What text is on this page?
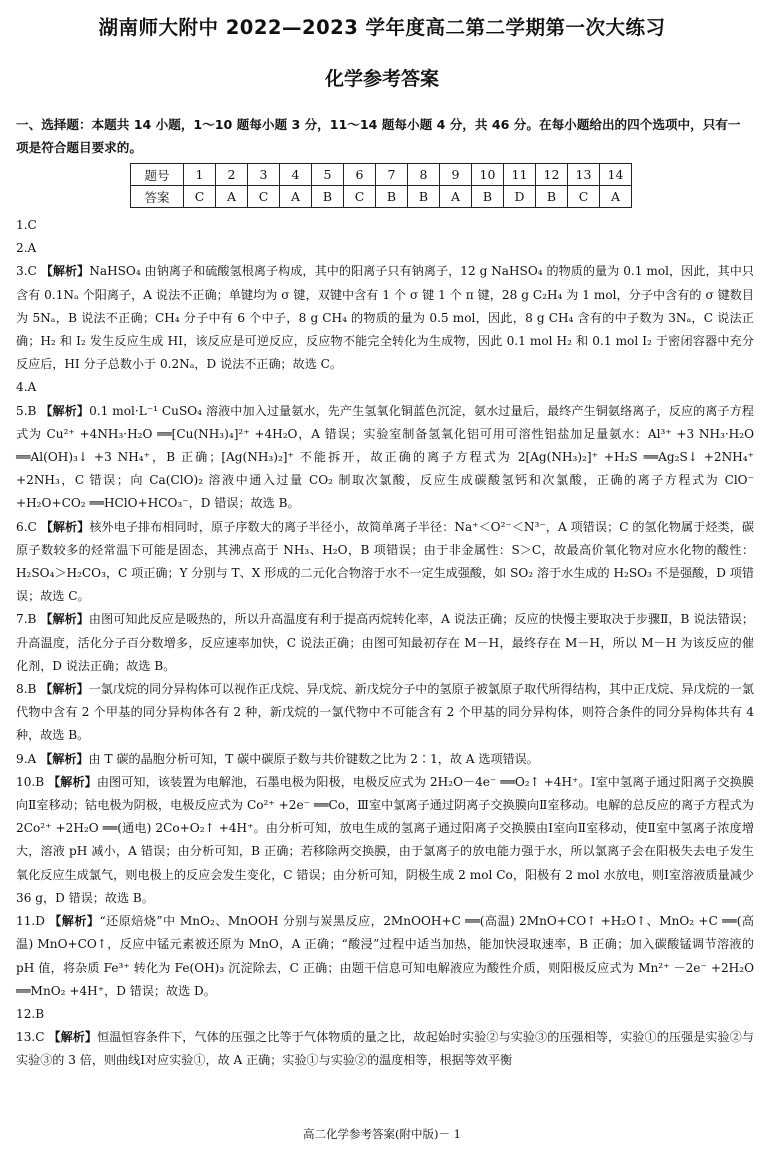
湖南师大附中 2022—2023 学年度高二第二学期第一次大练习
化学参考答案
一、选择题：本题共 14 小题，1～10 题每小题 3 分，11～14 题每小题 4 分，共 46 分。在每小题给出的四个选项中，只有一项是符合题目要求的。
题号	1	2	3	4	5	6	7	8	9	10	11	12	13	14
答案	C	A	C	A	B	C	B	B	A	B	D	B	C	A

1.C

2.A

3.C 【解析】NaHSO₄ 由钠离子和硫酸氢根离子构成，其中的阳离子只有钠离子，12 g NaHSO₄ 的物质的量为 0.1 mol，因此，其中只含有 0.1Nₐ 个阳离子，A 说法不正确；单键均为 σ 键，双键中含有 1 个 σ 键 1 个 π 键，28 g C₂H₄ 为 1 mol，分子中含有的 σ 键数目为 5Nₐ，B 说法不正确；CH₄ 分子中有 6 个中子，8 g CH₄ 的物质的量为 0.5 mol，因此，8 g CH₄ 含有的中子数为 3Nₐ，C 说法正确；H₂ 和 I₂ 发生反应生成 HI，该反应是可逆反应，反应物不能完全转化为生成物，因此 0.1 mol H₂ 和 0.1 mol I₂ 于密闭容器中充分反应后，HI 分子总数小于 0.2Nₐ，D 说法不正确；故选 C。

4.A

5.B 【解析】0.1 mol·L⁻¹ CuSO₄ 溶液中加入过量氨水，先产生氢氧化铜蓝色沉淀，氨水过量后，最终产生铜氨络离子，反应的离子方程式为 Cu²⁺ +4NH₃·H₂O ══[Cu(NH₃)₄]²⁺ +4H₂O，A 错误；实验室制备氢氧化铝可用可溶性铝盐加足量氨水：Al³⁺ +3 NH₃·H₂O ══Al(OH)₃↓ +3 NH₄⁺，B 正确；[Ag(NH₃)₂]⁺ 不能拆开，故正确的离子方程式为 2[Ag(NH₃)₂]⁺ +H₂S ══Ag₂S↓ +2NH₄⁺ +2NH₃，C 错误；向 Ca(ClO)₂ 溶液中通入过量 CO₂ 制取次氯酸，反应生成碳酸氢钙和次氯酸，正确的离子方程式为 ClO⁻ +H₂O+CO₂ ══HClO+HCO₃⁻，D 错误；故选 B。

6.C 【解析】核外电子排布相同时，原子序数大的离子半径小，故简单离子半径：Na⁺＜O²⁻＜N³⁻，A 项错误；C 的氢化物属于烃类，碳原子数较多的烃常温下可能是固态，其沸点高于 NH₃、H₂O，B 项错误；由于非金属性：S＞C，故最高价氧化物对应水化物的酸性：H₂SO₄＞H₂CO₃，C 项正确；Y 分别与 T、X 形成的二元化合物溶于水不一定生成强酸，如 SO₂ 溶于水生成的 H₂SO₃ 不是强酸，D 项错误；故选 C。

7.B 【解析】由图可知此反应是吸热的，所以升高温度有利于提高丙烷转化率，A 说法正确；反应的快慢主要取决于步骤Ⅱ，B 说法错误；升高温度，活化分子百分数增多，反应速率加快，C 说法正确；由图可知最初存在 M－H，最终存在 M－H，所以 M－H 为该反应的催化剂，D 说法正确；故选 B。

8.B 【解析】一氯戊烷的同分异构体可以视作正戊烷、异戊烷、新戊烷分子中的氢原子被氯原子取代所得结构，其中正戊烷、异戊烷的一氯代物中含有 2 个甲基的同分异构体各有 2 种，新戊烷的一氯代物中不可能含有 2 个甲基的同分异构体，则符合条件的同分异构体共有 4 种，故选 B。

9.A 【解析】由 T 碳的晶胞分析可知，T 碳中碳原子数与共价键数之比为 2∶1，故 A 选项错误。

10.B 【解析】由图可知，该装置为电解池，石墨电极为阳极，电极反应式为 2H₂O－4e⁻ ══O₂↑ +4H⁺。Ⅰ室中氢离子通过阳离子交换膜向Ⅱ室移动；钴电极为阴极，电极反应式为 Co²⁺ +2e⁻ ══Co，Ⅲ室中氯离子通过阴离子交换膜向Ⅱ室移动。电解的总反应的离子方程式为 2Co²⁺ +2H₂O ══(通电) 2Co+O₂↑ +4H⁺。由分析可知，放电生成的氢离子通过阳离子交换膜由Ⅰ室向Ⅱ室移动，使Ⅱ室中氢离子浓度增大，溶液 pH 减小，A 错误；由分析可知，B 正确；若移除两交换膜，由于氯离子的放电能力强于水，所以氯离子会在阳极失去电子发生氧化反应生成氯气，则电极上的反应会发生变化，C 错误；由分析可知，阴极生成 2 mol Co，阳极有 2 mol 水放电，则Ⅰ室溶液质量减少 36 g，D 错误；故选 B。

11.D 【解析】“还原焙烧”中 MnO₂、MnOOH 分别与炭黑反应，2MnOOH+C ══(高温) 2MnO+CO↑ +H₂O↑、MnO₂ +C ══(高温) MnO+CO↑，反应中锰元素被还原为 MnO，A 正确；“酸浸”过程中适当加热，能加快浸取速率，B 正确；加入碳酸锰调节溶液的 pH 值，将杂质 Fe³⁺ 转化为 Fe(OH)₃ 沉淀除去，C 正确；由题干信息可知电解液应为酸性介质，则阳极反应式为 Mn²⁺ －2e⁻ +2H₂O ══MnO₂ +4H⁺，D 错误；故选 D。

12.B

13.C 【解析】恒温恒容条件下，气体的压强之比等于气体物质的量之比，故起始时实验②与实验③的压强相等，实验①的压强是实验②与实验③的 3 倍，则曲线Ⅰ对应实验①，故 A 正确；实验①与实验②的温度相等，根据等效平衡

高二化学参考答案(附中版)－ 1
